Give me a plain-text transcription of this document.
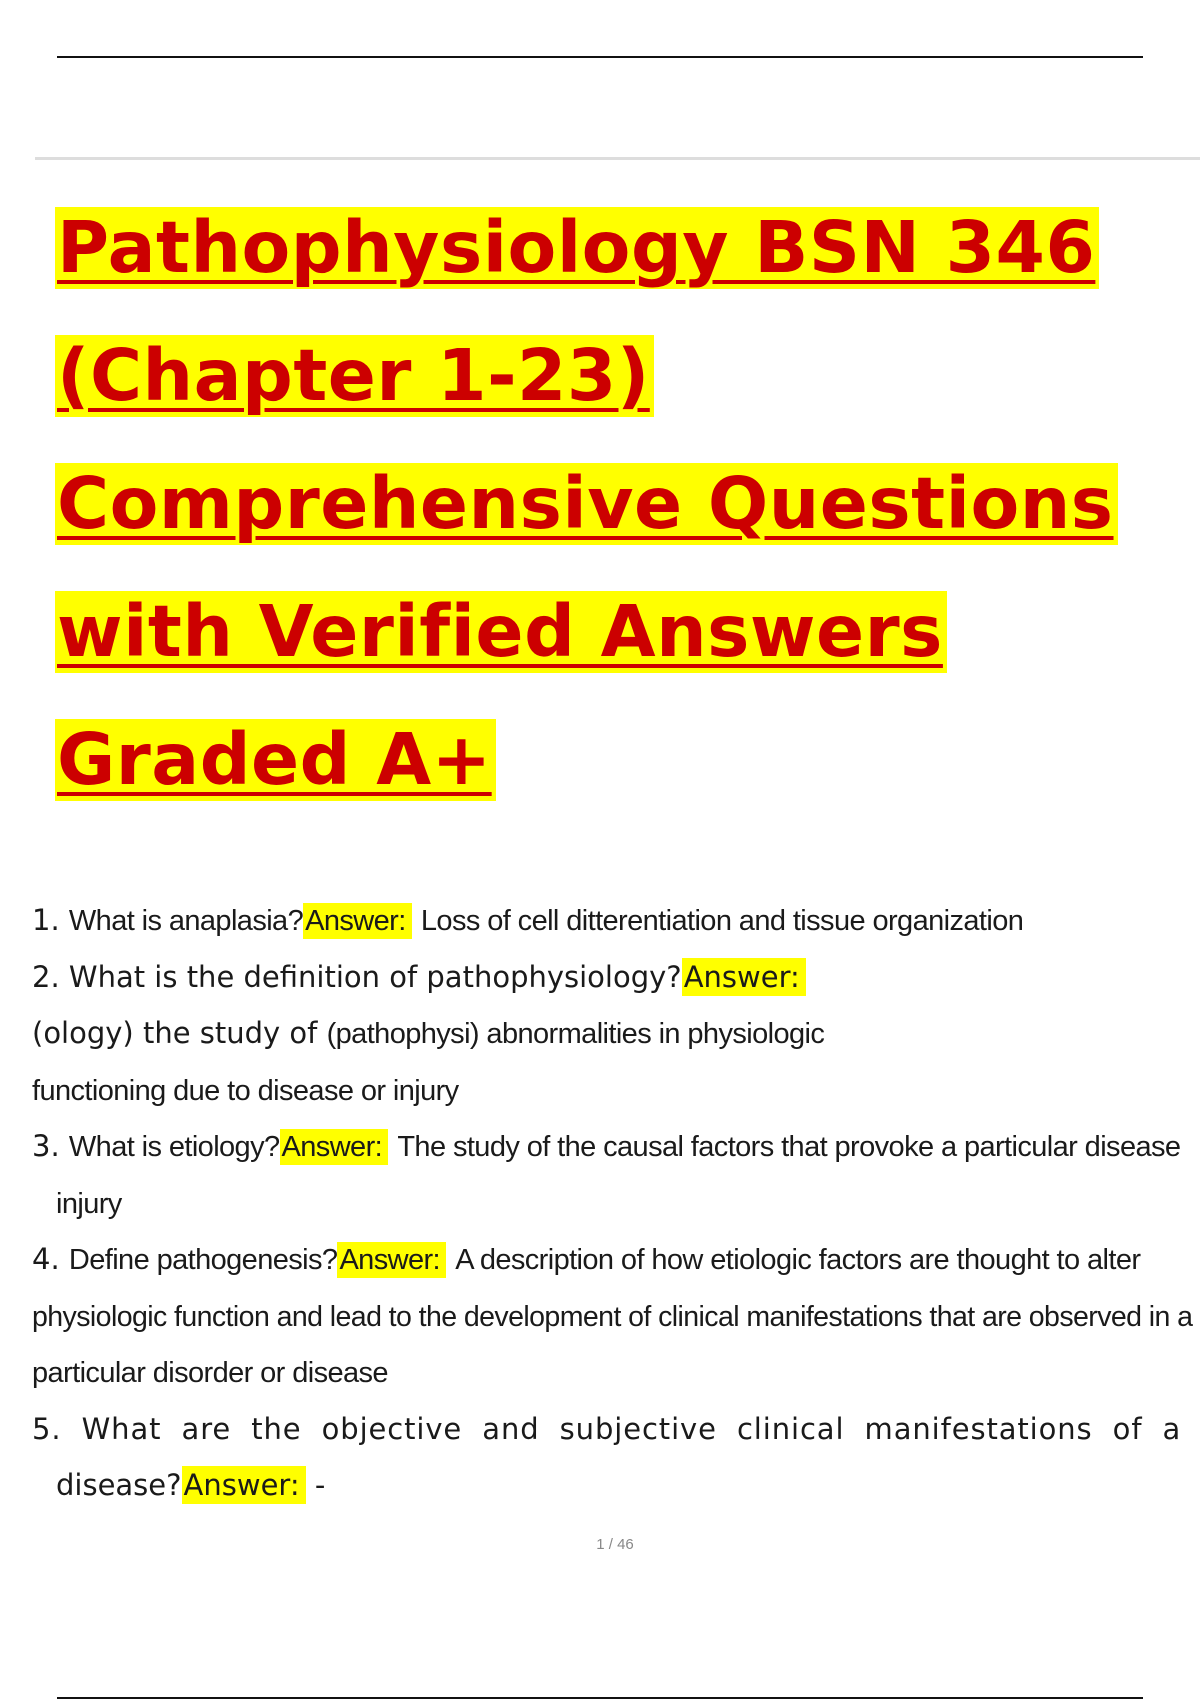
Pathophysiology BSN 346
(Chapter 1-23)
Comprehensive Questions
with Verified Answers
Graded A+
1. What is anaplasia?Answer: Loss of cell ditterentiation and tissue organization
2. What is the definition of pathophysiology?Answer:
(ology) the study of (pathophysi) abnormalities in physiologic
functioning due to disease or injury
3. What is etiology?Answer: The study of the causal factors that provoke a particular disease
injury
4. Define pathogenesis?Answer: A description of how etiologic factors are thought to alter
physiologic function and lead to the development of clinical manifestations that are observed in a
particular disorder or disease
5. What are the objective and subjective clinical manifestations of a
disease?Answer: -
1 / 46
